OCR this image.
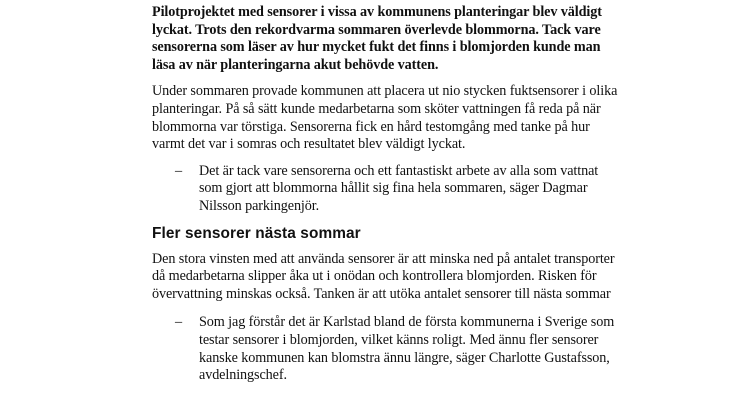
Pilotprojektet med sensorer i vissa av kommunens planteringar blev väldigt lyckat. Trots den rekordvarma sommaren överlevde blommorna. Tack vare sensorerna som läser av hur mycket fukt det finns i blomjorden kunde man läsa av när planteringarna akut behövde vatten.

Under sommaren provade kommunen att placera ut nio stycken fuktsensorer i olika planteringar. På så sätt kunde medarbetarna som sköter vattningen få reda på när blommorna var törstiga. Sensorerna fick en hård testomgång med tanke på hur varmt det var i somras och resultatet blev väldigt lyckat.

– Det är tack vare sensorerna och ett fantastiskt arbete av alla som vattnat som gjort att blommorna hållit sig fina hela sommaren, säger Dagmar Nilsson parkingenjör.

Fler sensorer nästa sommar

Den stora vinsten med att använda sensorer är att minska ned på antalet transporter då medarbetarna slipper åka ut i onödan och kontrollera blomjorden. Risken för övervattning minskas också. Tanken är att utöka antalet sensorer till nästa sommar

– Som jag förstår det är Karlstad bland de första kommunerna i Sverige som testar sensorer i blomjorden, vilket känns roligt. Med ännu fler sensorer kanske kommunen kan blomstra ännu längre, säger Charlotte Gustafsson, avdelningschef.
